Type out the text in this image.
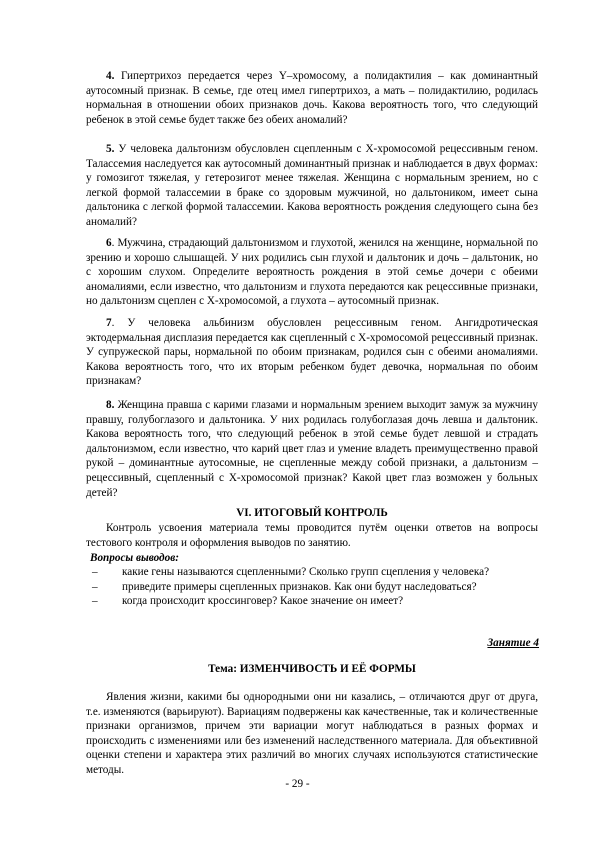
4. Гипертрихоз передается через Y–хромосому, а полидактилия – как доминантный аутосомный признак. В семье, где отец имел гипертрихоз, а мать – полидактилию, родилась нормальная в отношении обоих признаков дочь. Какова вероятность того, что следующий ребенок в этой семье будет также без обеих аномалий?

5. У человека дальтонизм обусловлен сцепленным с Х-хромосомой рецессивным геном. Талассемия наследуется как аутосомный доминантный признак и наблюдается в двух формах: у гомозигот тяжелая, у гетерозигот менее тяжелая. Женщина с нормальным зрением, но с легкой формой талассемии в браке со здоровым мужчиной, но дальтоником, имеет сына дальтоника с легкой формой талассемии. Какова вероятность рождения следующего сына без аномалий?

6. Мужчина, страдающий дальтонизмом и глухотой, женился на женщине, нормальной по зрению и хорошо слышащей. У них родились сын глухой и дальтоник и дочь – дальтоник, но с хорошим слухом. Определите вероятность рождения в этой семье дочери с обеими аномалиями, если известно, что дальтонизм и глухота передаются как рецессивные признаки, но дальтонизм сцеплен с Х-хромосомой, а глухота – аутосомный признак.

7. У человека альбинизм обусловлен рецессивным геном. Ангидротическая эктодермальная дисплазия передается как сцепленный с Х-хромосомой рецессивный признак. У супружеской пары, нормальной по обоим признакам, родился сын с обеими аномалиями. Какова вероятность того, что их вторым ребенком будет девочка, нормальная по обоим признакам?

8. Женщина правша с карими глазами и нормальным зрением выходит замуж за мужчину правшу, голубоглазого и дальтоника. У них родилась голубоглазая дочь левша и дальтоник. Какова вероятность того, что следующий ребенок в этой семье будет левшой и страдать дальтонизмом, если известно, что карий цвет глаз и умение владеть преимущественно правой рукой – доминантные аутосомные, не сцепленные между собой признаки, а дальтонизм – рецессивный, сцепленный с Х-хромосомой признак? Какой цвет глаз возможен у больных детей?

VI. ИТОГОВЫЙ КОНТРОЛЬ

Контроль усвоения материала темы проводится путём оценки ответов на вопросы тестового контроля и оформления выводов по занятию.

Вопросы выводов:

– какие гены называются сцепленными? Сколько групп сцепления у человека?
– приведите примеры сцепленных признаков. Как они будут наследоваться?
– когда происходит кроссинговер? Какое значение он имеет?

Занятие 4

Тема: ИЗМЕНЧИВОСТЬ И ЕЁ ФОРМЫ

Явления жизни, какими бы однородными они ни казались, – отличаются друг от друга, т.е. изменяются (варьируют). Вариациям подвержены как качественные, так и количественные признаки организмов, причем эти вариации могут наблюдаться в разных формах и происходить с изменениями или без изменений наследственного материала. Для объективной оценки степени и характера этих различий во многих случаях используются статистические методы.

- 29 -
